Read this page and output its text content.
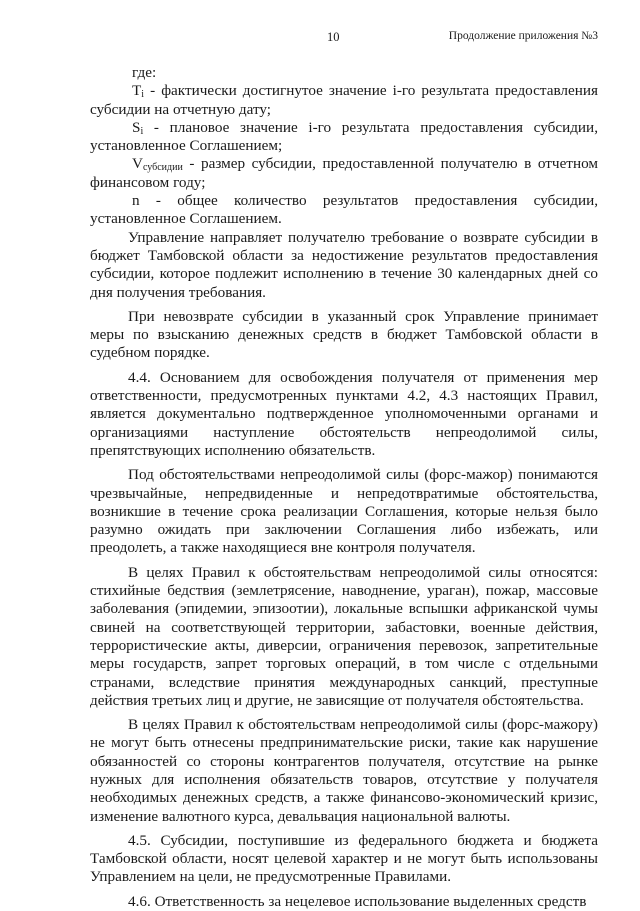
10	Продолжение приложения №3

где:

$T_i$ - фактически достигнутое значение i-го результата предоставления субсидии на отчетную дату;

$S_i$ - плановое значение i-го результата предоставления субсидии, установленное Соглашением;

$V_{субсидии}$ - размер субсидии, предоставленной получателю в отчетном финансовом году;

n - общее количество результатов предоставления субсидии, установленное Соглашением.

Управление направляет получателю требование о возврате субсидии в бюджет Тамбовской области за недостижение результатов предоставления субсидии, которое подлежит исполнению в течение 30 календарных дней со дня получения требования.

При невозврате субсидии в указанный срок Управление принимает меры по взысканию денежных средств в бюджет Тамбовской области в судебном порядке.

4.4. Основанием для освобождения получателя от применения мер ответственности, предусмотренных пунктами 4.2, 4.3 настоящих Правил, является документально подтвержденное уполномоченными органами и организациями наступление обстоятельств непреодолимой силы, препятствующих исполнению обязательств.

Под обстоятельствами непреодолимой силы (форс-мажор) понимаются чрезвычайные, непредвиденные и непредотвратимые обстоятельства, возникшие в течение срока реализации Соглашения, которые нельзя было разумно ожидать при заключении Соглашения либо избежать, или преодолеть, а также находящиеся вне контроля получателя.

В целях Правил к обстоятельствам непреодолимой силы относятся: стихийные бедствия (землетрясение, наводнение, ураган), пожар, массовые заболевания (эпидемии, эпизоотии), локальные вспышки африканской чумы свиней на соответствующей территории, забастовки, военные действия, террористические акты, диверсии, ограничения перевозок, запретительные меры государств, запрет торговых операций, в том числе с отдельными странами, вследствие принятия международных санкций, преступные действия третьих лиц и другие, не зависящие от получателя обстоятельства.

В целях Правил к обстоятельствам непреодолимой силы (форс-мажору) не могут быть отнесены предпринимательские риски, такие как нарушение обязанностей со стороны контрагентов получателя, отсутствие на рынке нужных для исполнения обязательств товаров, отсутствие у получателя необходимых денежных средств, а также финансово-экономический кризис, изменение валютного курса, девальвация национальной валюты.

4.5. Субсидии, поступившие из федерального бюджета и бюджета Тамбовской области, носят целевой характер и не могут быть использованы Управлением на цели, не предусмотренные Правилами.

4.6. Ответственность за нецелевое использование выделенных средств
